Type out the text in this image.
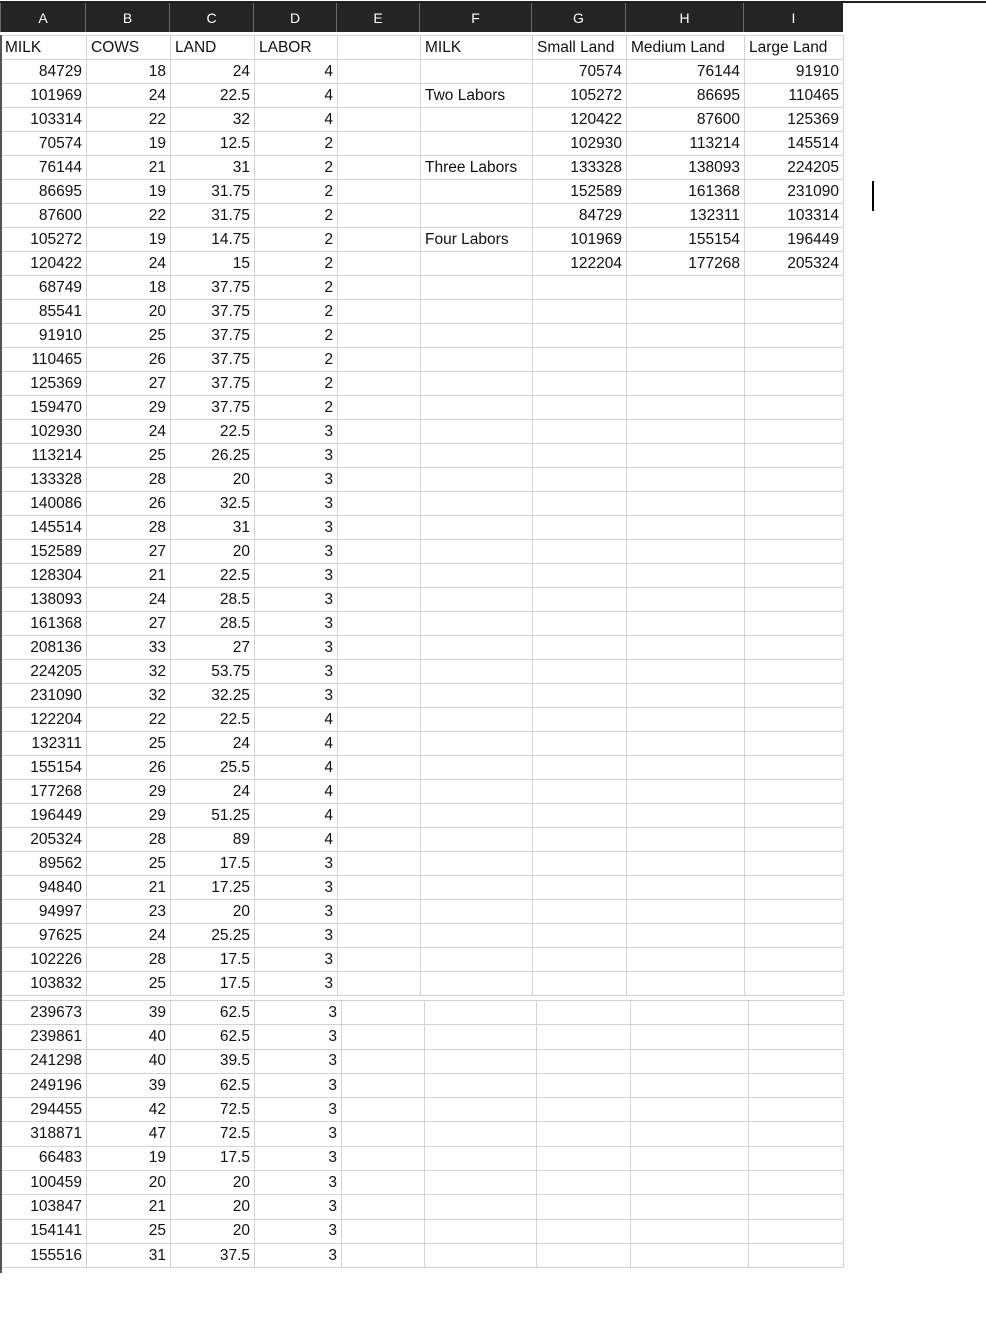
A	B	C	D	E	F	G	H	I
MILK	COWS	LAND	LABOR		MILK	Small Land	Medium Land	Large Land
84729	18	24	4			70574	76144	91910
101969	24	22.5	4		Two Labors	105272	86695	110465
103314	22	32	4			120422	87600	125369
70574	19	12.5	2			102930	113214	145514
76144	21	31	2		Three Labors	133328	138093	224205
86695	19	31.75	2			152589	161368	231090
87600	22	31.75	2			84729	132311	103314
105272	19	14.75	2		Four Labors	101969	155154	196449
120422	24	15	2			122204	177268	205324
68749	18	37.75	2					
85541	20	37.75	2					
91910	25	37.75	2					
110465	26	37.75	2					
125369	27	37.75	2					
159470	29	37.75	2					
102930	24	22.5	3					
113214	25	26.25	3					
133328	28	20	3					
140086	26	32.5	3					
145514	28	31	3					
152589	27	20	3					
128304	21	22.5	3					
138093	24	28.5	3					
161368	27	28.5	3					
208136	33	27	3					
224205	32	53.75	3					
231090	32	32.25	3					
122204	22	22.5	4					
132311	25	24	4					
155154	26	25.5	4					
177268	29	24	4					
196449	29	51.25	4					
205324	28	89	4					
89562	25	17.5	3					
94840	21	17.25	3					
94997	23	20	3					
97625	24	25.25	3					
102226	28	17.5	3					
103832	25	17.5	3					
239673	39	62.5	3					
239861	40	62.5	3					
241298	40	39.5	3					
249196	39	62.5	3					
294455	42	72.5	3					
318871	47	72.5	3					
66483	19	17.5	3					
100459	20	20	3					
103847	21	20	3					
154141	25	20	3					
155516	31	37.5	3					
